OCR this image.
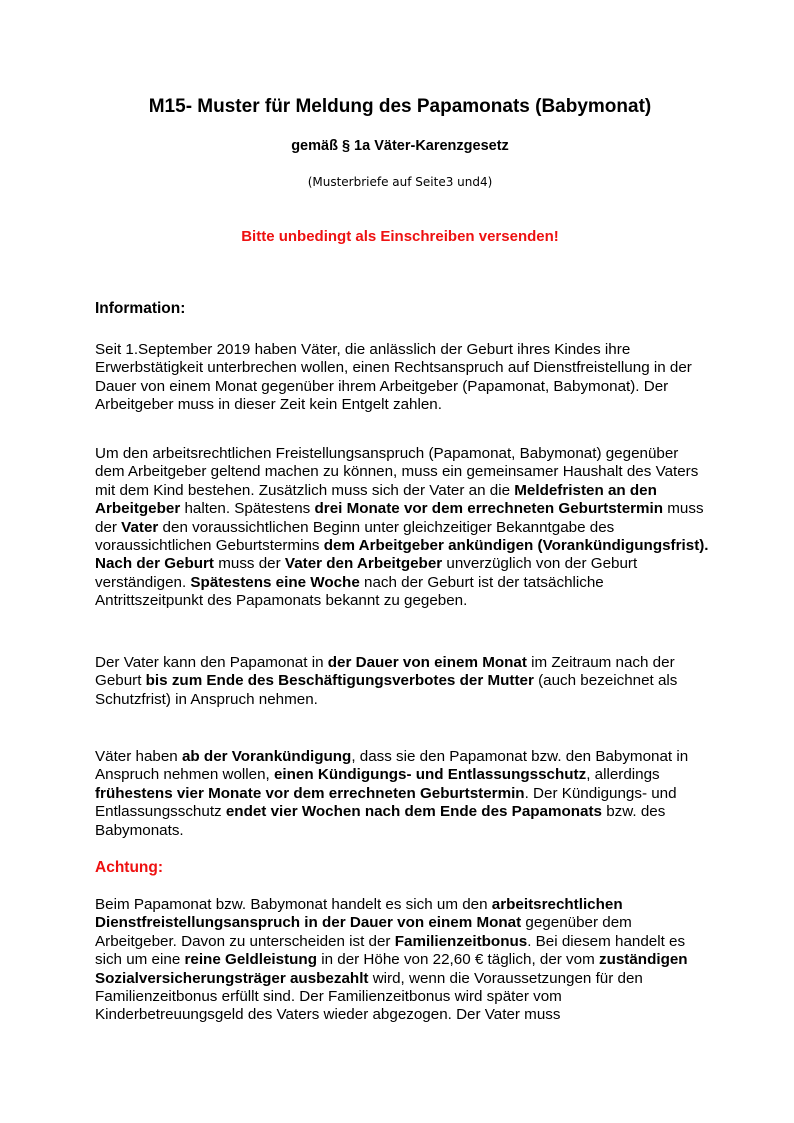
M15- Muster für Meldung des Papamonats (Babymonat)
gemäß § 1a Väter-Karenzgesetz
(Musterbriefe auf Seite3 und4)
Bitte unbedingt als Einschreiben versenden!
Information:
Seit 1.September 2019 haben Väter, die anlässlich der Geburt ihres Kindes ihre Erwerbstätigkeit unterbrechen wollen, einen Rechtsanspruch auf Dienstfreistellung in der Dauer von einem Monat gegenüber ihrem Arbeitgeber (Papamonat, Babymonat). Der Arbeitgeber muss in dieser Zeit kein Entgelt zahlen.
Um den arbeitsrechtlichen Freistellungsanspruch (Papamonat, Babymonat) gegenüber dem Arbeitgeber geltend machen zu können, muss ein gemeinsamer Haushalt des Vaters mit dem Kind bestehen. Zusätzlich muss sich der Vater an die Meldefristen an den Arbeitgeber halten. Spätestens drei Monate vor dem errechneten Geburtstermin muss der Vater den voraussichtlichen Beginn unter gleichzeitiger Bekanntgabe des voraussichtlichen Geburtstermins dem Arbeitgeber ankündigen (Vorankündigungsfrist). Nach der Geburt muss der Vater den Arbeitgeber unverzüglich von der Geburt verständigen. Spätestens eine Woche nach der Geburt ist der tatsächliche Antrittszeitpunkt des Papamonats bekannt zu gegeben.
Der Vater kann den Papamonat in der Dauer von einem Monat im Zeitraum nach der Geburt bis zum Ende des Beschäftigungsverbotes der Mutter (auch bezeichnet als Schutzfrist) in Anspruch nehmen.
Väter haben ab der Vorankündigung, dass sie den Papamonat bzw. den Babymonat in Anspruch nehmen wollen, einen Kündigungs- und Entlassungsschutz, allerdings frühestens vier Monate vor dem errechneten Geburtstermin. Der Kündigungs- und Entlassungsschutz endet vier Wochen nach dem Ende des Papamonats bzw. des Babymonats.
Achtung:
Beim Papamonat bzw. Babymonat handelt es sich um den arbeitsrechtlichen Dienstfreistellungsanspruch in der Dauer von einem Monat gegenüber dem Arbeitgeber. Davon zu unterscheiden ist der Familienzeitbonus. Bei diesem handelt es sich um eine reine Geldleistung in der Höhe von 22,60 € täglich, der vom zuständigen Sozialversicherungsträger ausbezahlt wird, wenn die Voraussetzungen für den Familienzeitbonus erfüllt sind. Der Familienzeitbonus wird später vom Kinderbetreuungsgeld des Vaters wieder abgezogen. Der Vater muss
